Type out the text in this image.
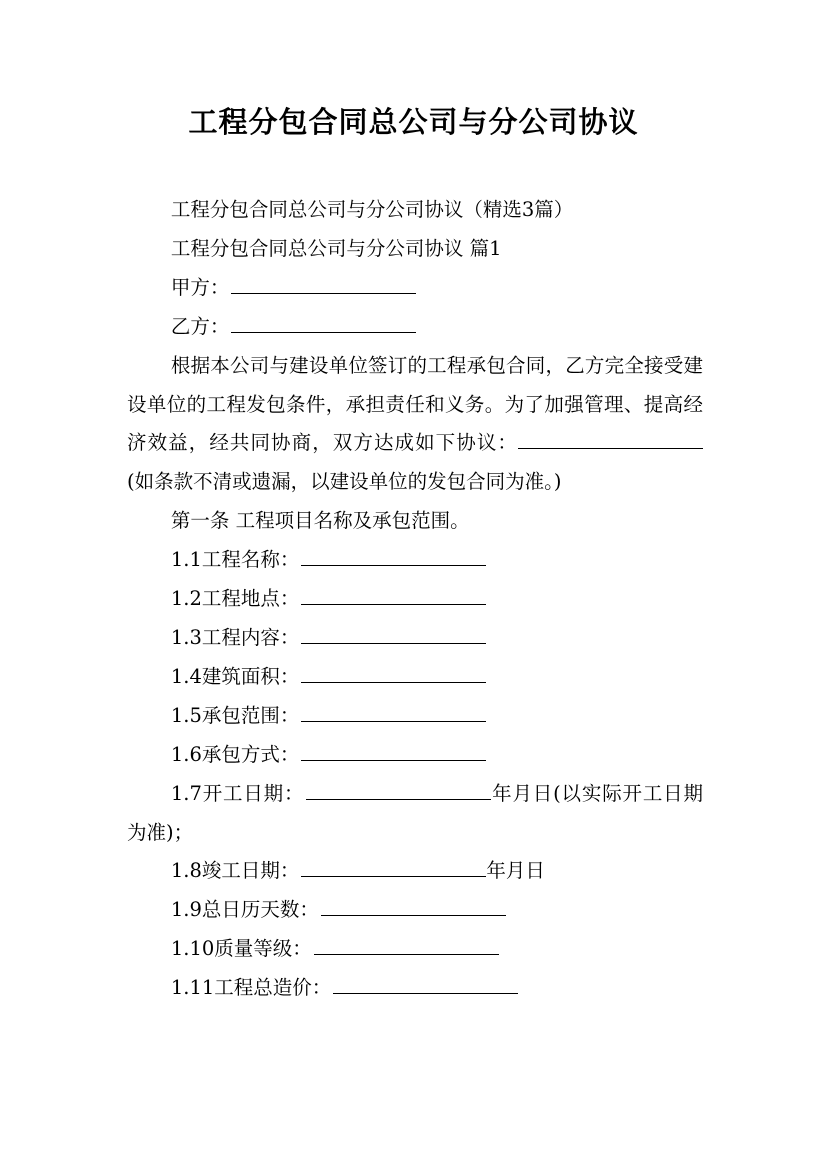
工程分包合同总公司与分公司协议

工程分包合同总公司与分公司协议（精选3篇）

工程分包合同总公司与分公司协议 篇1

甲方：

乙方：

根据本公司与建设单位签订的工程承包合同，乙方完全接受建设单位的工程发包条件，承担责任和义务。为了加强管理、提高经济效益，经共同协商，双方达成如下协议：(如条款不清或遗漏，以建设单位的发包合同为准。)

第一条 工程项目名称及承包范围。

1.1工程名称：

1.2工程地点：

1.3工程内容：

1.4建筑面积：

1.5承包范围：

1.6承包方式：

1.7开工日期：	年月日(以实际开工日期为准)；

1.8竣工日期：	年月日

1.9总日历天数：

1.10质量等级：

1.11工程总造价：
